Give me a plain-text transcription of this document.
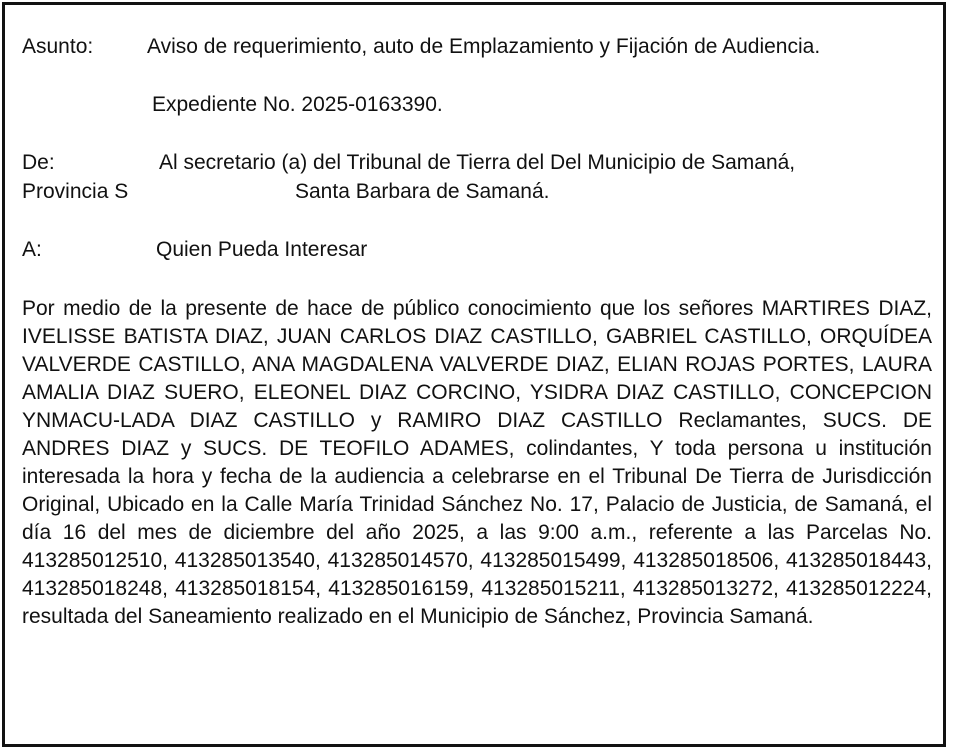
Asunto:	Aviso de requerimiento, auto de Emplazamiento y Fijación de Audiencia.
Expediente No. 2025-0163390.
De:	Al secretario (a) del Tribunal de Tierra del Del Municipio de Samaná,
Provincia S	Santa Barbara de Samaná.
A:	Quien Pueda Interesar
Por medio de la presente de hace de público conocimiento que los señores MARTIRES DIAZ, IVELISSE BATISTA DIAZ, JUAN CARLOS DIAZ CASTILLO, GABRIEL CASTILLO, ORQUÍDEA VALVERDE CASTILLO, ANA MAGDALENA VALVERDE DIAZ, ELIAN ROJAS PORTES, LAURA AMALIA DIAZ SUERO, ELEONEL DIAZ CORCINO, YSIDRA DIAZ CASTILLO, CONCEPCION YNMACU-LADA DIAZ CASTILLO y RAMIRO DIAZ CASTILLO Reclamantes, SUCS. DE ANDRES DIAZ y SUCS. DE TEOFILO ADAMES, colindantes, Y toda persona u institución interesada la hora y fecha de la audiencia a celebrarse en el Tribunal De Tierra de Jurisdicción Original, Ubicado en la Calle María Trinidad Sánchez No. 17, Palacio de Justicia, de Samaná, el día 16 del mes de diciembre del año 2025, a las 9:00 a.m., referente a las Parcelas No. 413285012510, 413285013540, 413285014570, 413285015499, 413285018506, 413285018443, 413285018248, 413285018154, 413285016159, 413285015211, 413285013272, 413285012224, resultada del Saneamiento realizado en el Municipio de Sánchez, Provincia Samaná.
